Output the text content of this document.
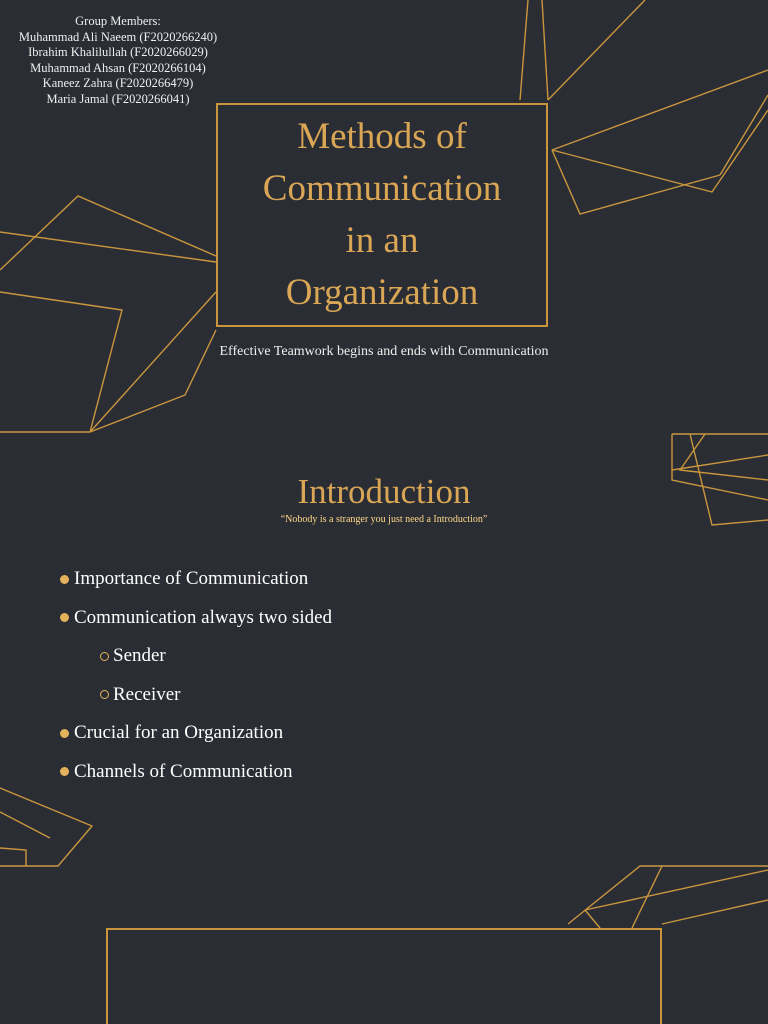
Group Members:
Muhammad Ali Naeem (F2020266240)
Ibrahim Khalilullah (F2020266029)
Muhammad Ahsan (F2020266104)
Kaneez Zahra (F2020266479)
Maria Jamal (F2020266041)
Methods of
Communication
in an
Organization
Effective Teamwork begins and ends with Communication
Introduction
“Nobody is a stranger you just need a Introduction”
Importance of Communication
Communication always two sided
Sender
Receiver
Crucial for an Organization
Channels of Communication
